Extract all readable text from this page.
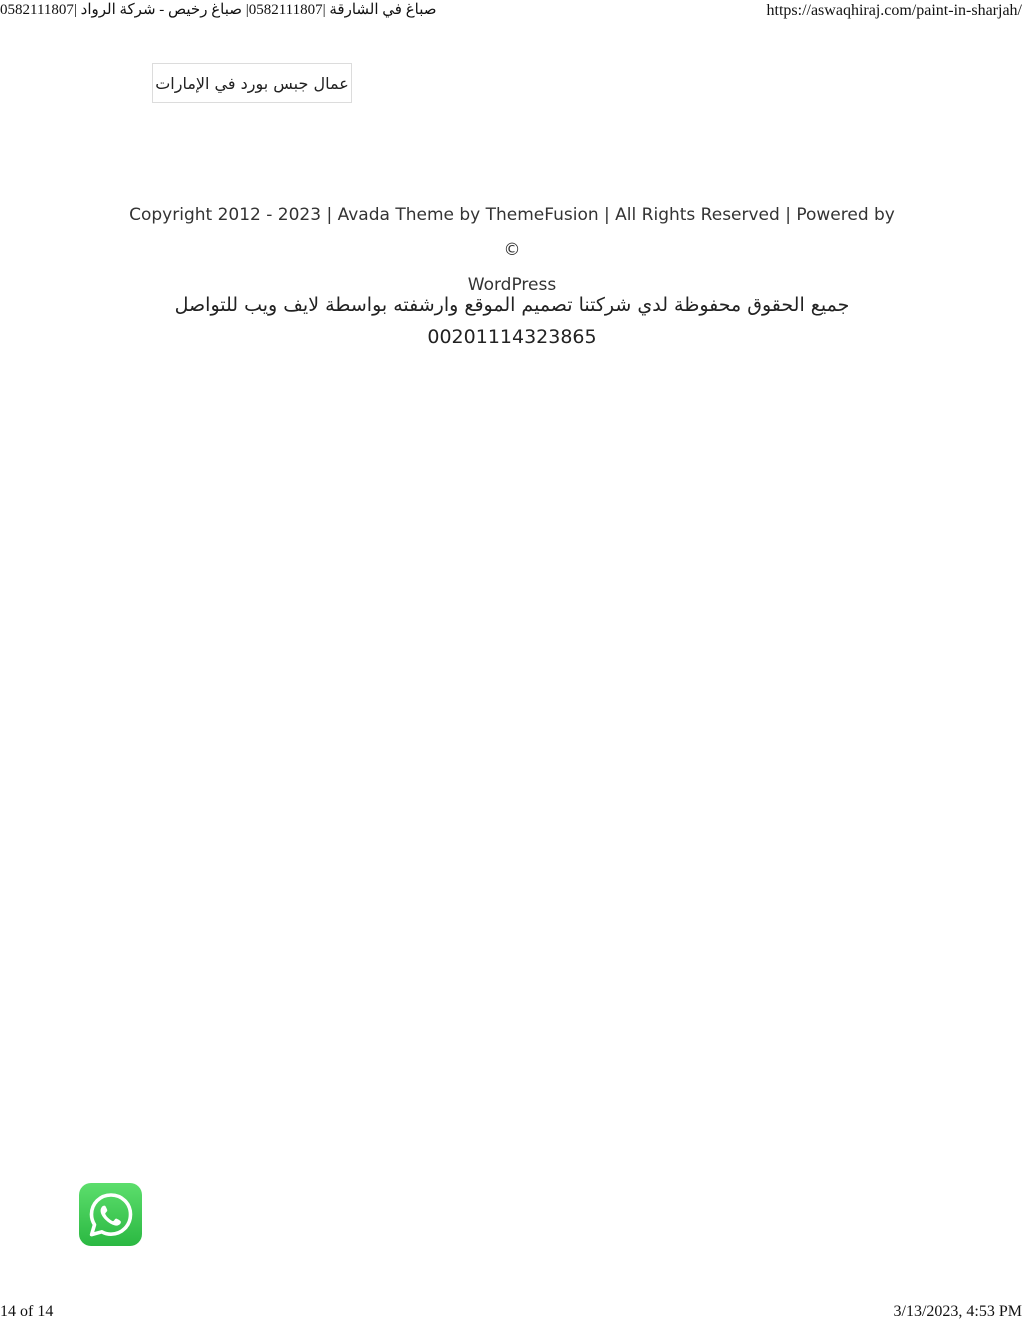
صباغ في الشارقة |0582111807| صباغ رخيص - شركة الرواد |0582111807	https://aswaqhiraj.com/paint-in-sharjah/
عمال جبس بورد في الإمارات
Copyright 2012 - 2023 | Avada Theme by ThemeFusion | All Rights Reserved | Powered by ©
WordPress
جميع الحقوق محفوظة لدي شركتنا تصميم الموقع وارشفته بواسطة لايف ويب للتواصل 00201114323865
14 of 14	3/13/2023, 4:53 PM
